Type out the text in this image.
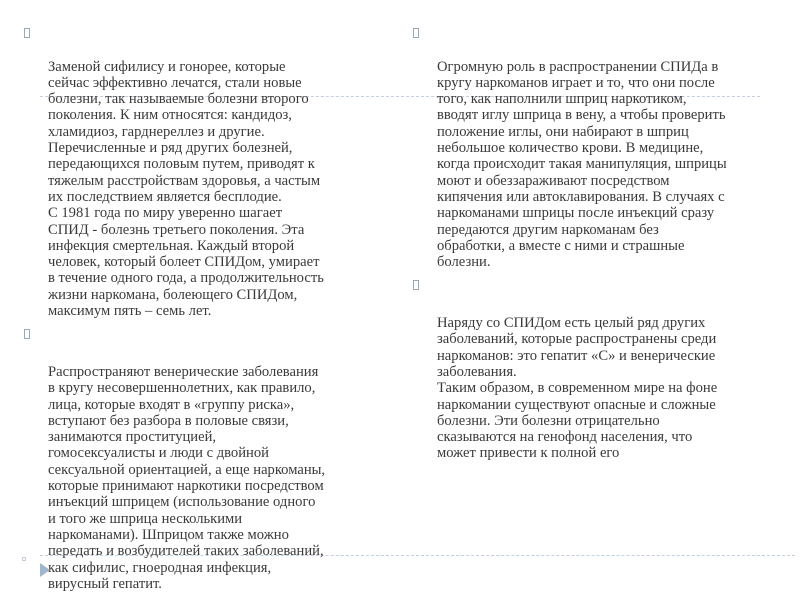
Заменой сифилису и гонорее, которые
сейчас эффективно лечатся, стали новые
болезни, так называемые болезни второго
поколения. К ним относятся: кандидоз,
хламидиоз, гарднереллез и другие.
Перечисленные и ряд других болезней,
передающихся половым путем, приводят к
тяжелым расстройствам здоровья, а частым
их последствием является бесплодие.
С 1981 года по миру уверенно шагает
СПИД - болезнь третьего поколения. Эта
инфекция смертельная. Каждый второй
человек, который болеет СПИДом, умирает
в течение одного года, а продолжительность
жизни наркомана, болеющего СПИДом,
максимум пять – семь лет.

Распространяют венерические заболевания
в кругу несовершеннолетних, как правило,
лица, которые входят в «группу риска»,
вступают без разбора в половые связи,
занимаются проституцией,
гомосексуалисты и люди с двойной
сексуальной ориентацией, а еще наркоманы,
которые принимают наркотики посредством
инъекций шприцем (использование одного
и того же шприца несколькими
наркоманами). Шприцом также можно
передать и возбудителей таких заболеваний,
как сифилис, гноеродная инфекция,
вирусный гепатит.

Огромную роль в распространении СПИДа в
кругу наркоманов играет и то, что они после
того, как наполнили шприц наркотиком,
вводят иглу шприца в вену, а чтобы проверить
положение иглы, они набирают в шприц
небольшое количество крови. В медицине,
когда происходит такая манипуляция, шприцы
моют и обеззараживают посредством
кипячения или автоклавирования. В случаях с
наркоманами шприцы после инъекций сразу
передаются другим наркоманам без
обработки, а вместе с ними и страшные
болезни.

Наряду со СПИДом есть целый ряд других
заболеваний, которые распространены среди
наркоманов: это гепатит «С» и венерические
заболевания.
Таким образом, в современном мире на фоне
наркомании существуют опасные и сложные
болезни. Эти болезни отрицательно
сказываются на генофонд населения, что
может привести к полной его
